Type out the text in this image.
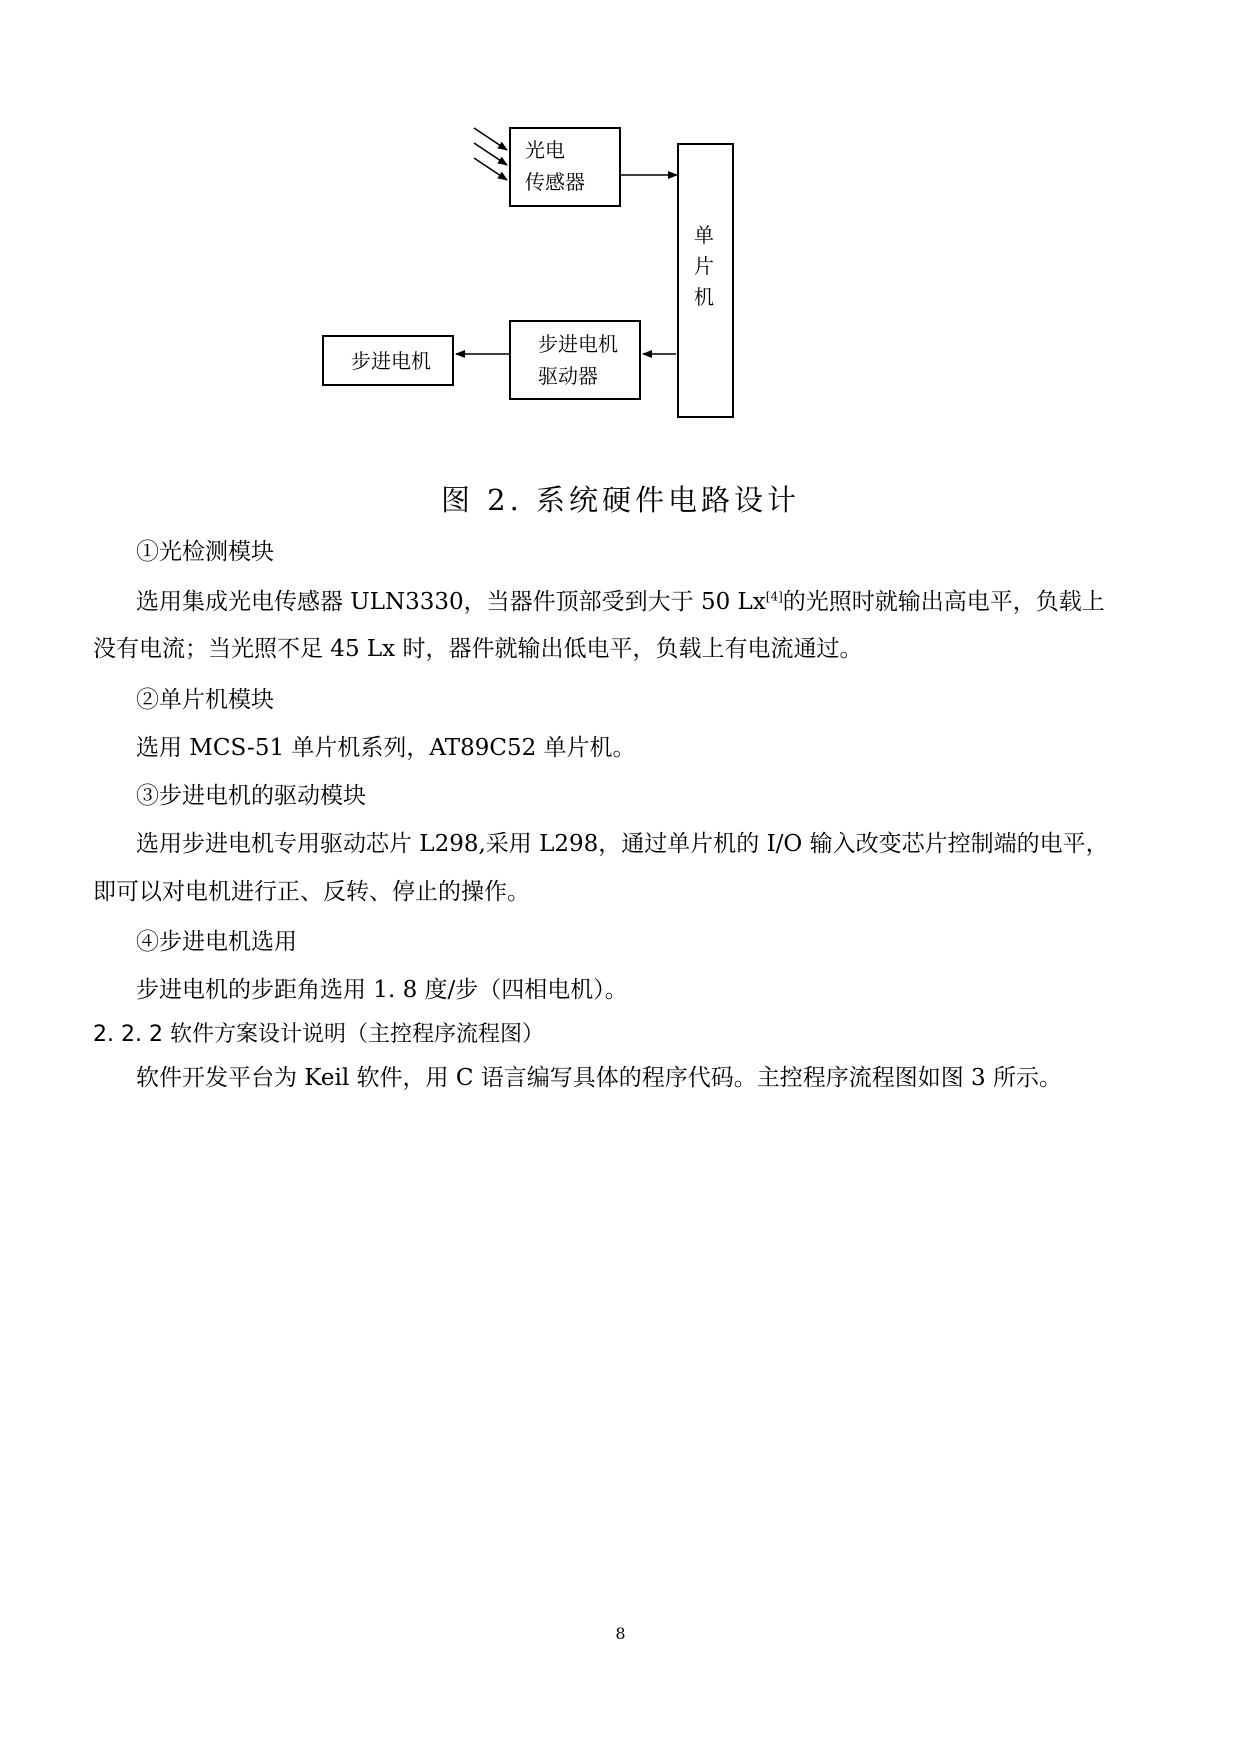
光电
传感器
单
片
机
步进电机
驱动器
步进电机
图 2. 系统硬件电路设计
①光检测模块
选用集成光电传感器 ULN3330，当器件顶部受到大于 50 Lx[4]的光照时就输出高电平，负载上
没有电流；当光照不足 45 Lx 时，器件就输出低电平，负载上有电流通过。
②单片机模块
选用 MCS-51 单片机系列，AT89C52 单片机。
③步进电机的驱动模块
选用步进电机专用驱动芯片 L298,采用 L298，通过单片机的 I/O 输入改变芯片控制端的电平，
即可以对电机进行正、反转、停止的操作。
④步进电机选用
步进电机的步距角选用 1. 8 度/步（四相电机）。
2. 2. 2 软件方案设计说明（主控程序流程图）
软件开发平台为 Keil 软件，用 C 语言编写具体的程序代码。主控程序流程图如图 3 所示。
8
